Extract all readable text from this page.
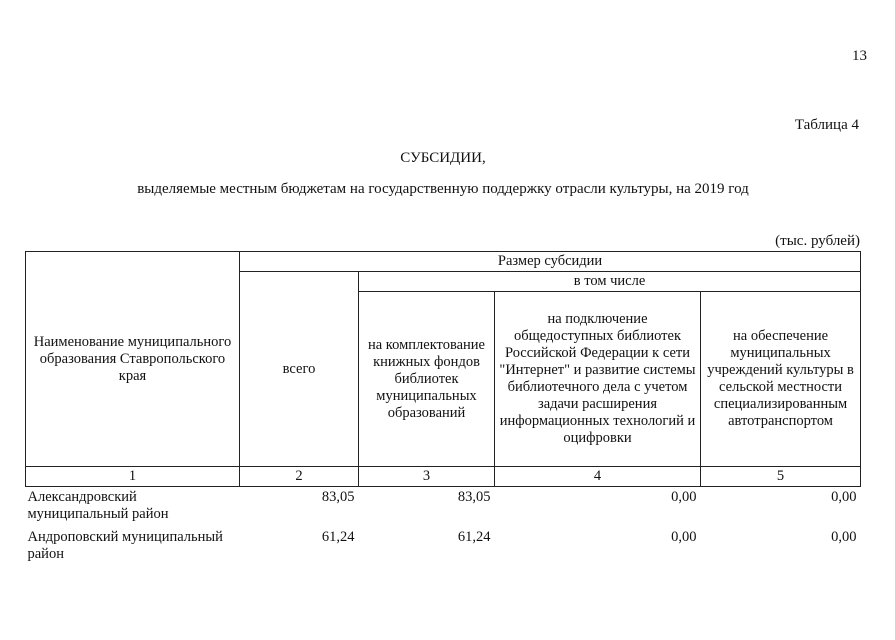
13
Таблица 4
СУБСИДИИ,
выделяемые местным бюджетам на государственную поддержку отрасли культуры, на 2019 год
(тыс. рублей)
Наименование муниципального образования Ставропольского края	Размер субсидии			
	всего	в том числе		
		на комплектование книжных фондов библиотек муниципальных образований	на подключение общедоступных библиотек Российской Федерации к сети "Интернет" и развитие системы библиотечного дела с учетом задачи расширения информационных технологий и оцифровки	на обеспечение муниципальных учреждений культуры в сельской местности специализированным автотранспортом
1	2	3	4	5
Александровский муниципальный район	83,05	83,05	0,00	0,00
Андроповский муниципальный район	61,24	61,24	0,00	0,00
